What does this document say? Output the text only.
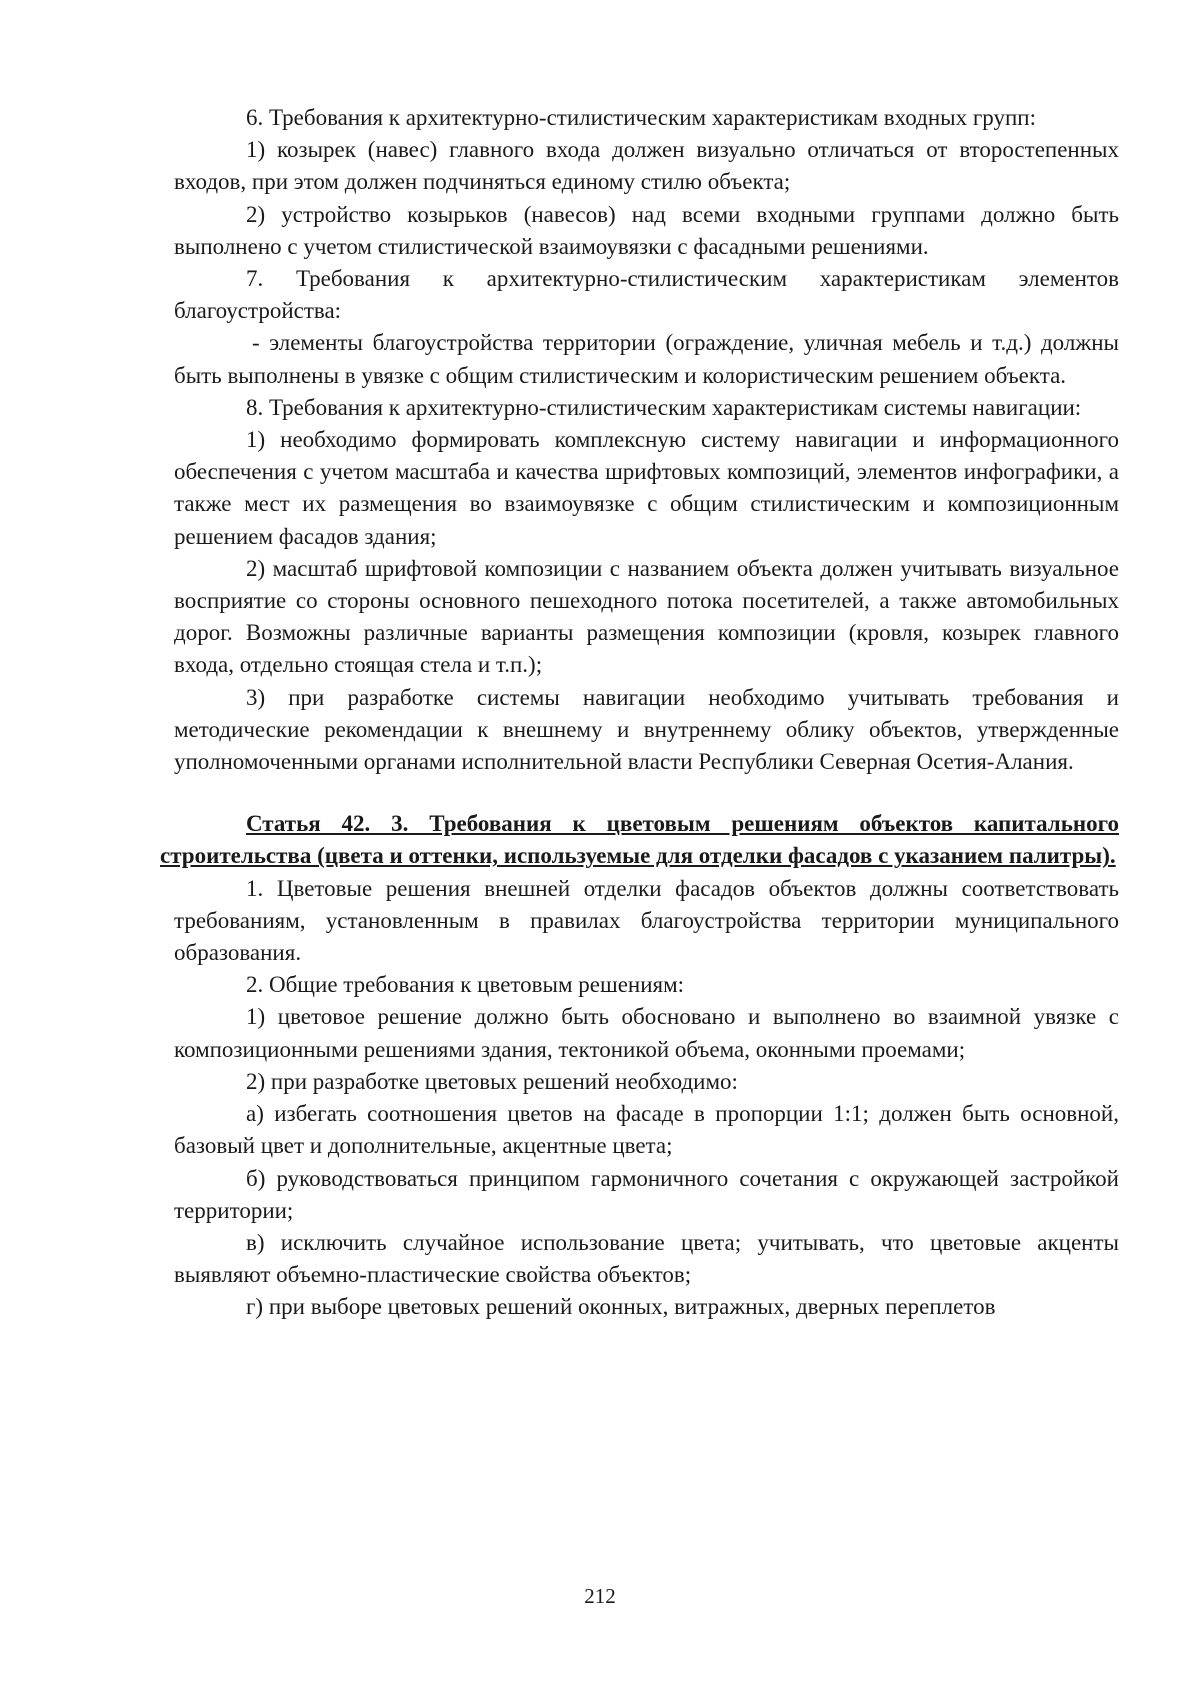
6. Требования к архитектурно-стилистическим характеристикам входных групп:

1) козырек (навес) главного входа должен визуально отличаться от второстепенных входов, при этом должен подчиняться единому стилю объекта;

2) устройство козырьков (навесов) над всеми входными группами должно быть выполнено с учетом стилистической взаимоувязки с фасадными решениями.

7. Требования к архитектурно-стилистическим характеристикам элементов благоустройства:

- элементы благоустройства территории (ограждение, уличная мебель и т.д.) должны быть выполнены в увязке с общим стилистическим и колористическим решением объекта.

8. Требования к архитектурно-стилистическим характеристикам системы навигации:

1) необходимо формировать комплексную систему навигации и информационного обеспечения с учетом масштаба и качества шрифтовых композиций, элементов инфографики, а также мест их размещения во взаимоувязке с общим стилистическим и композиционным решением фасадов здания;

2) масштаб шрифтовой композиции с названием объекта должен учитывать визуальное восприятие со стороны основного пешеходного потока посетителей, а также автомобильных дорог. Возможны различные варианты размещения композиции (кровля, козырек главного входа, отдельно стоящая стела и т.п.);

3) при разработке системы навигации необходимо учитывать требования и методические рекомендации к внешнему и внутреннему облику объектов, утвержденные уполномоченными органами исполнительной власти Республики Северная Осетия-Алания.

Статья 42. 3. Требования к цветовым решениям объектов капитального строительства (цвета и оттенки, используемые для отделки фасадов с указанием палитры).

1. Цветовые решения внешней отделки фасадов объектов должны соответствовать требованиям, установленным в правилах благоустройства территории муниципального образования.

2. Общие требования к цветовым решениям:

1) цветовое решение должно быть обосновано и выполнено во взаимной увязке с композиционными решениями здания, тектоникой объема, оконными проемами;

2) при разработке цветовых решений необходимо:

а) избегать соотношения цветов на фасаде в пропорции 1:1; должен быть основной, базовый цвет и дополнительные, акцентные цвета;

б) руководствоваться принципом гармоничного сочетания с окружающей застройкой территории;

в) исключить случайное использование цвета; учитывать, что цветовые акценты выявляют объемно-пластические свойства объектов;

г) при выборе цветовых решений оконных, витражных, дверных переплетов

212
